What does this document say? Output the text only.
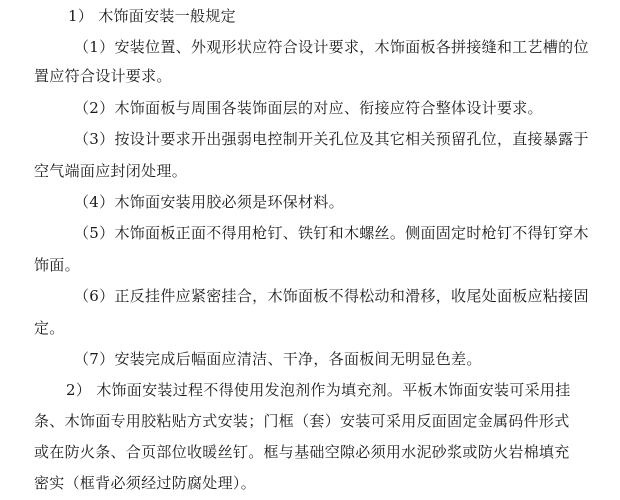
1） 木饰面安装一般规定
（1）安装位置、外观形状应符合设计要求，木饰面板各拼接缝和工艺槽的位
置应符合设计要求。
（2）木饰面板与周围各装饰面层的对应、衔接应符合整体设计要求。
（3）按设计要求开出强弱电控制开关孔位及其它相关预留孔位，直接暴露于
空气端面应封闭处理。
（4）木饰面安装用胶必须是环保材料。
（5）木饰面板正面不得用枪钉、铁钉和木螺丝。侧面固定时枪钉不得钉穿木
饰面。
（6）正反挂件应紧密挂合，木饰面板不得松动和滑移，收尾处面板应粘接固
定。
（7）安装完成后幅面应清洁、干净，各面板间无明显色差。
2） 木饰面安装过程不得使用发泡剂作为填充剂。平板木饰面安装可采用挂
条、木饰面专用胶粘贴方式安装；门框（套）安装可采用反面固定金属码件形式
或在防火条、合页部位收暖丝钉。框与基础空隙必须用水泥砂浆或防火岩棉填充
密实（框背必须经过防腐处理）。
